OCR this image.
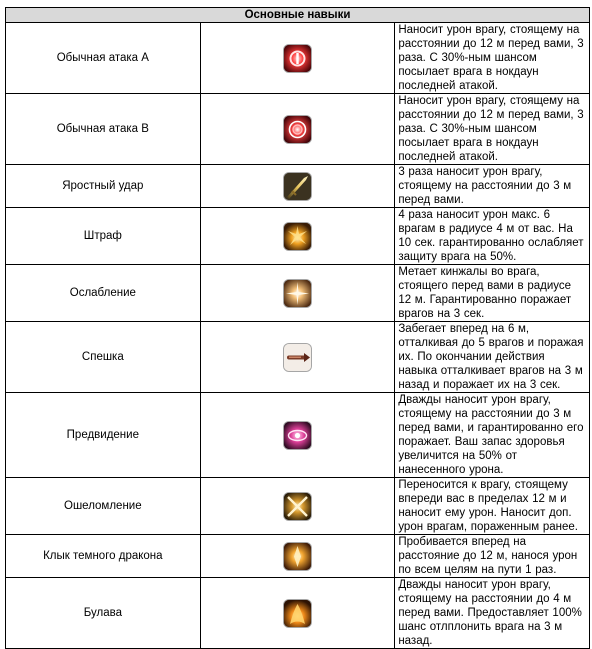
Основные навыки		
Обычная атака A		Наносит урон врагу, стоящему на расстоянии до 12 м перед вами, 3 раза. С 30%-ным шансом посылает врага в нокдаун последней атакой.
Обычная атака B		Наносит урон врагу, стоящему на расстоянии до 12 м перед вами, 3 раза. С 30%-ным шансом посылает врага в нокдаун последней атакой.
Яростный удар		3 раза наносит урон врагу, стоящему на расстоянии до 3 м перед вами.
Штраф		4 раза наносит урон макс. 6 врагам в радиусе 4 м от вас. На 10 сек. гарантированно ослабляет защиту врага на 50%.
Ослабление		Метает кинжалы во врага, стоящего перед вами в радиусе 12 м. Гарантированно поражает врагов на 3 сек.
Спешка		Забегает вперед на 6 м, отталкивая до 5 врагов и поражая их. По окончании действия навыка отталкивает врагов на 3 м назад и поражает их на 3 сек.
Предвидение		Дважды наносит урон врагу, стоящему на расстоянии до 3 м перед вами, и гарантированно его поражает. Ваш запас здоровья увеличится на 50% от нанесенного урона.
Ошеломление		Переносится к врагу, стоящему впереди вас в пределах 12 м и наносит ему урон. Наносит доп. урон врагам, пораженным ранее.
Клык темного дракона		Пробивается вперед на расстояние до 12 м, нанося урон по всем целям на пути 1 раз.
Булава		Дважды наносит урон врагу, стоящему на расстоянии до 4 м перед вами. Предоставляет 100% шанс отлплонить врага на 3 м назад.
